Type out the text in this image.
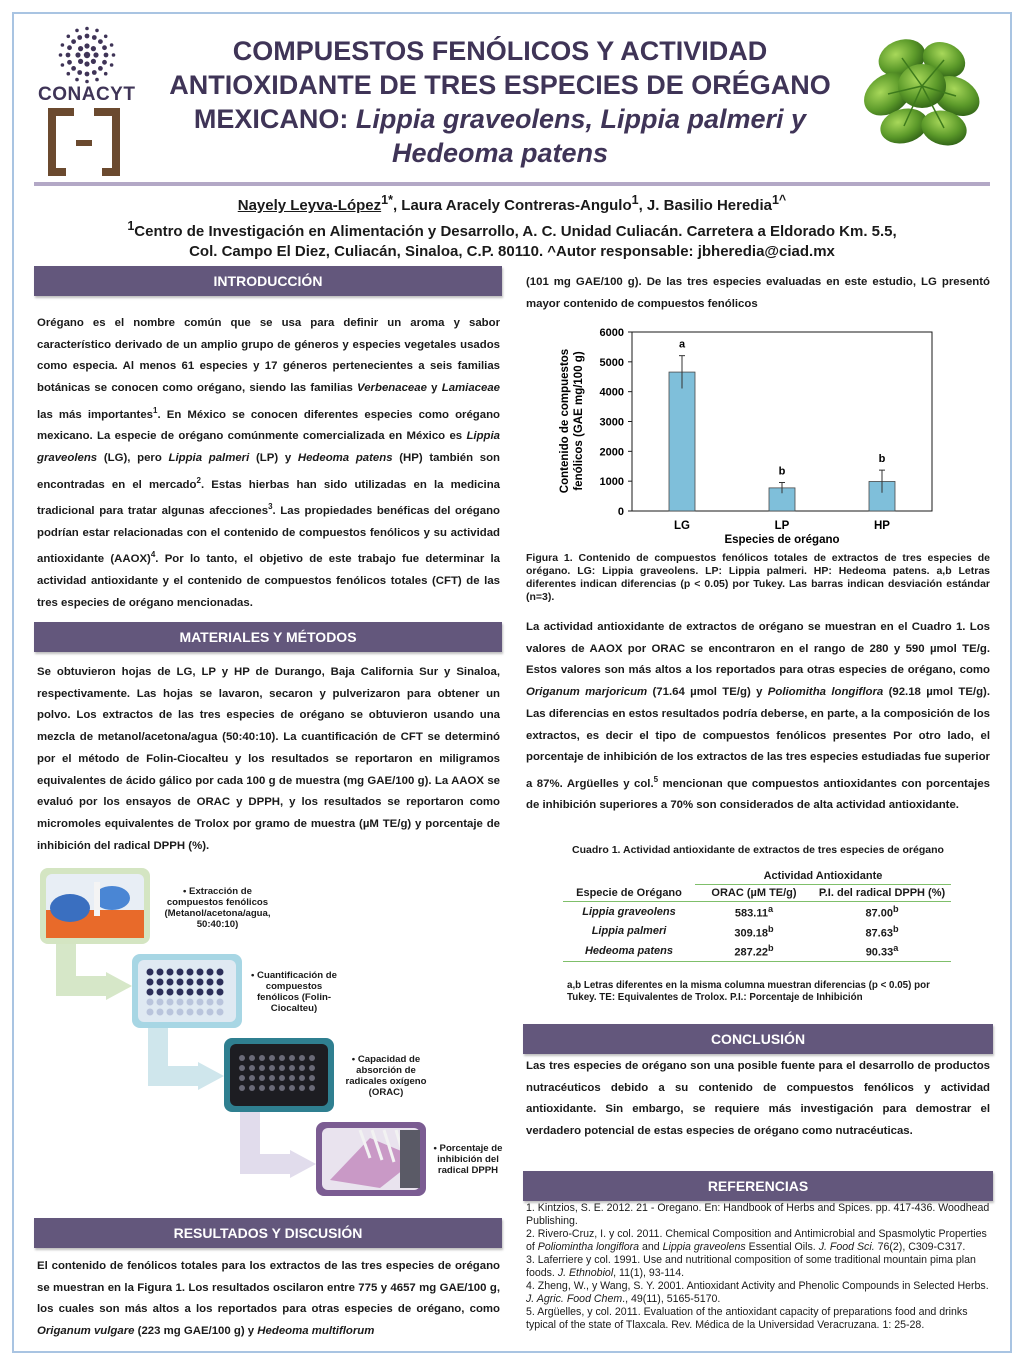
CONACYT
COMPUESTOS FENÓLICOS Y ACTIVIDAD
ANTIOXIDANTE DE TRES ESPECIES DE ORÉGANO
MEXICANO: Lippia graveolens, Lippia palmeri y
Hedeoma patens
Nayely Leyva-López$^{1*}$, Laura Aracely Contreras-Angulo$^1$, J. Basilio Heredia$^{1\^{}}$
$^1$Centro de Investigación en Alimentación y Desarrollo, A. C. Unidad Culiacán. Carretera a Eldorado Km. 5.5,
Col. Campo El Diez, Culiacán, Sinaloa, C.P. 80110. ^Autor responsable: jbheredia@ciad.mx
INTRODUCCIÓN
Orégano es el nombre común que se usa para definir un aroma y sabor característico derivado de un amplio grupo de géneros y especies vegetales usados como especia. Al menos 61 especies y 17 géneros pertenecientes a seis familias botánicas se conocen como orégano, siendo las familias Verbenaceae y Lamiaceae las más importantes$^1$. En México se conocen diferentes especies como orégano mexicano. La especie de orégano comúnmente comercializada en México es Lippia graveolens (LG), pero Lippia palmeri (LP) y Hedeoma patens (HP) también son encontradas en el mercado$^2$. Estas hierbas han sido utilizadas en la medicina tradicional para tratar algunas afecciones$^3$. Las propiedades benéficas del orégano podrían estar relacionadas con el contenido de compuestos fenólicos y su actividad antioxidante (AAOX)$^4$. Por lo tanto, el objetivo de este trabajo fue determinar la actividad antioxidante y el contenido de compuestos fenólicos totales (CFT) de las tres especies de orégano mencionadas.
MATERIALES Y MÉTODOS
Se obtuvieron hojas de LG, LP y HP de Durango, Baja California Sur y Sinaloa, respectivamente. Las hojas se lavaron, secaron y pulverizaron para obtener un polvo. Los extractos de las tres especies de orégano se obtuvieron usando una mezcla de metanol/acetona/agua (50:40:10). La cuantificación de CFT se determinó por el método de Folin-Ciocalteu y los resultados se reportaron en miligramos equivalentes de ácido gálico por cada 100 g de muestra (mg GAE/100 g). La AAOX se evaluó por los ensayos de ORAC y DPPH, y los resultados se reportaron como micromoles equivalentes de Trolox por gramo de muestra (µM TE/g) y porcentaje de inhibición del radical DPPH (%).
• Extracción de compuestos fenólicos (Metanol/acetona/agua, 50:40:10)
• Cuantificación de compuestos fenólicos (Folin-Ciocalteu)
• Capacidad de absorción de radicales oxígeno (ORAC)
• Porcentaje de inhibición del radical DPPH
RESULTADOS Y DISCUSIÓN
El contenido de fenólicos totales para los extractos de las tres especies de orégano se muestran en la Figura 1. Los resultados oscilaron entre 775 y 4657 mg GAE/100 g, los cuales son más altos a los reportados para otras especies de orégano, como Origanum vulgare (223 mg GAE/100 g) y Hedeoma multiflorum
(101 mg GAE/100 g). De las tres especies evaluadas en este estudio, LG presentó mayor contenido de compuestos fenólicos
0
1000
2000
3000
4000
5000
6000
a
b
b
LG	LP	HP
Especies de orégano
Contenido de compuestos fenólicos (GAE mg/100 g)
Figura 1. Contenido de compuestos fenólicos totales de extractos de tres especies de orégano. LG: Lippia graveolens. LP: Lippia palmeri. HP: Hedeoma patens. a,b Letras diferentes indican diferencias (p < 0.05) por Tukey. Las barras indican desviación estándar (n=3).
La actividad antioxidante de extractos de orégano se muestran en el Cuadro 1. Los valores de AAOX por ORAC se encontraron en el rango de 280 y 590 µmol TE/g. Estos valores son más altos a los reportados para otras especies de orégano, como Origanum marjoricum (71.64 µmol TE/g) y Poliomitha longiflora (92.18 µmol TE/g). Las diferencias en estos resultados podría deberse, en parte, a la composición de los extractos, es decir el tipo de compuestos fenólicos presentes Por otro lado, el porcentaje de inhibición de los extractos de las tres especies estudiadas fue superior a 87%. Argüelles y col.$^5$ mencionan que compuestos antioxidantes con porcentajes de inhibición superiores a 70% son considerados de alta actividad antioxidante.
Cuadro 1. Actividad antioxidante de extractos de tres especies de orégano
	Actividad Antioxidante	
Especie de Orégano	ORAC (µM TE/g)	P.I. del radical DPPH (%)
Lippia graveolens	583.11$^a$	87.00$^b$
Lippia palmeri	309.18$^b$	87.63$^b$
Hedeoma patens	287.22$^b$	90.33$^a$
a,b Letras diferentes en la misma columna muestran diferencias (p < 0.05) por Tukey. TE: Equivalentes de Trolox. P.I.: Porcentaje de Inhibición
CONCLUSIÓN
Las tres especies de orégano son una posible fuente para el desarrollo de productos nutracéuticos debido a su contenido de compuestos fenólicos y actividad antioxidante. Sin embargo, se requiere más investigación para demostrar el verdadero potencial de estas especies de orégano como nutracéuticas.
REFERENCIAS
1. Kintzios, S. E. 2012. 21 - Oregano. En: Handbook of Herbs and Spices. pp. 417-436. Woodhead Publishing.
2. Rivero-Cruz, I. y col. 2011. Chemical Composition and Antimicrobial and Spasmolytic Properties of Poliomintha longiflora and Lippia graveolens Essential Oils. J. Food Sci. 76(2), C309-C317.
3. Laferriere y col. 1991. Use and nutritional composition of some traditional mountain pima plan foods. J. Ethnobiol, 11(1), 93-114.
4. Zheng, W., y Wang, S. Y. 2001. Antioxidant Activity and Phenolic Compounds in Selected Herbs. J. Agric. Food Chem., 49(11), 5165-5170.
5. Argüelles, y col. 2011. Evaluation of the antioxidant capacity of preparations food and drinks typical of the state of Tlaxcala. Rev. Médica de la Universidad Veracruzana. 1: 25-28.
